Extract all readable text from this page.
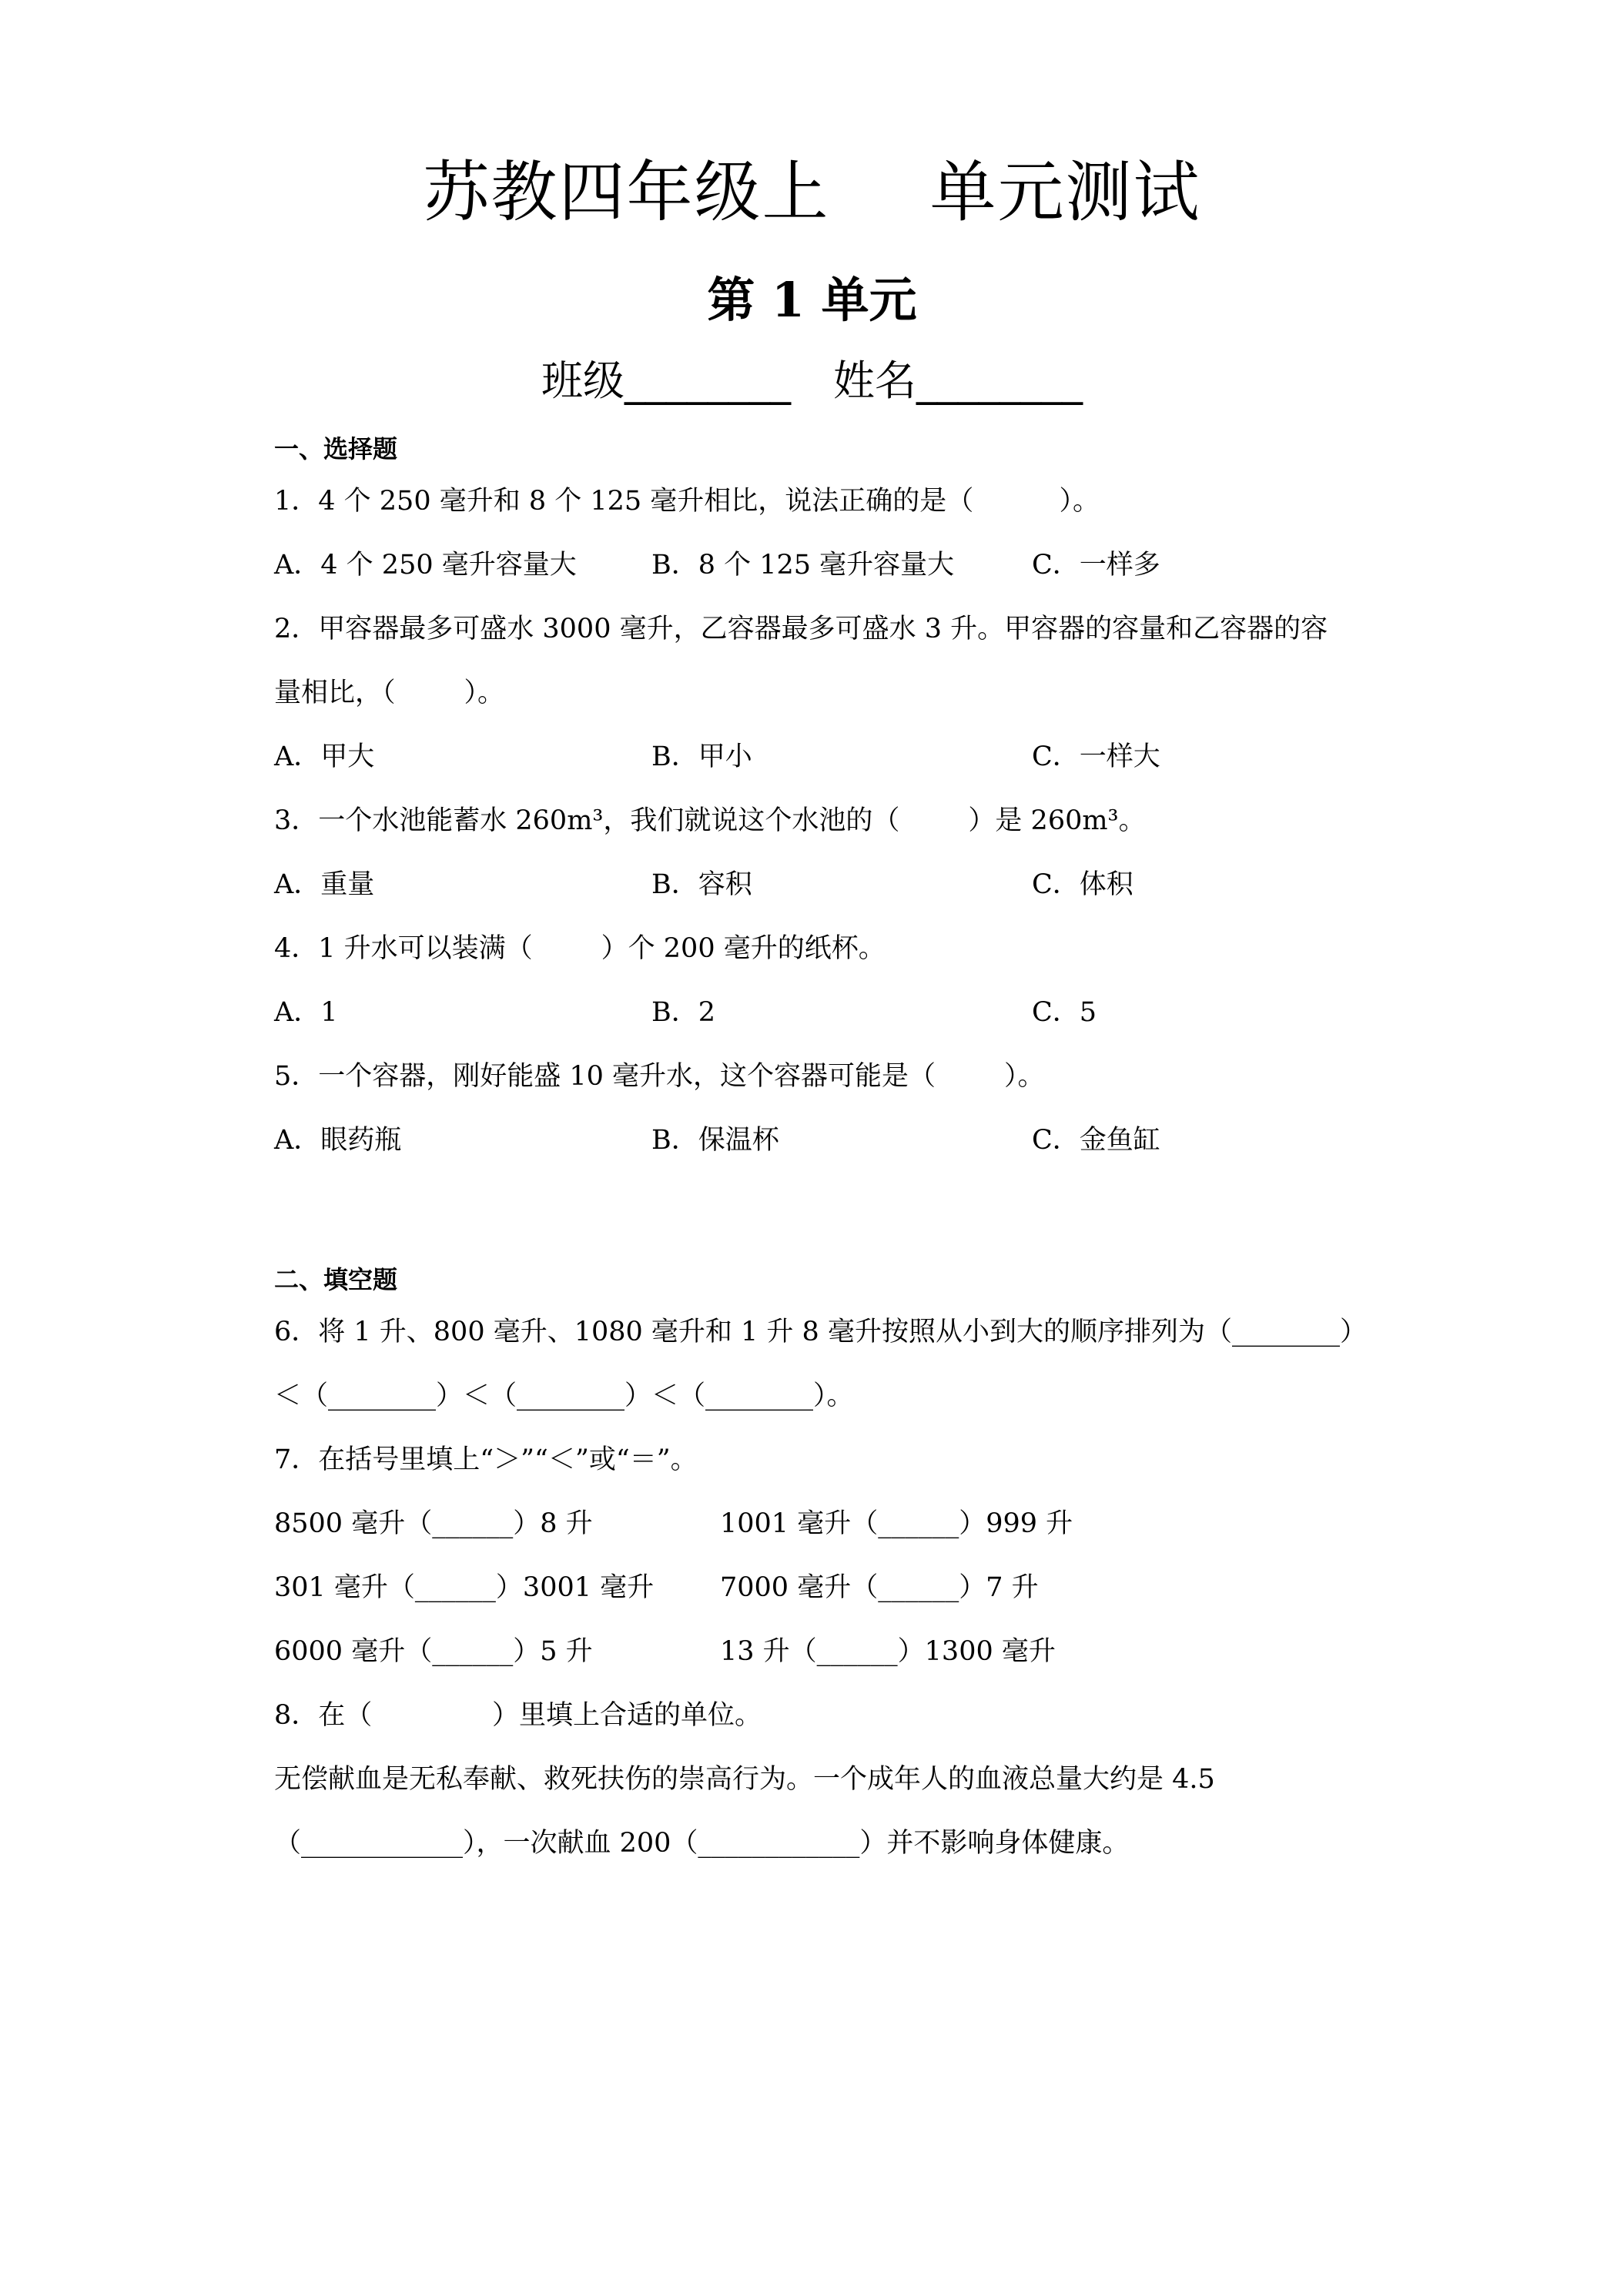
苏教四年级上 单元测试
第 1 单元
班级________ 姓名________
一、选择题
1．4 个 250 毫升和 8 个 125 毫升相比，说法正确的是（          ）。
A．4 个 250 毫升容量大	B．8 个 125 毫升容量大	C．一样多
2．甲容器最多可盛水 3000 毫升，乙容器最多可盛水 3 升。甲容器的容量和乙容器的容
量相比，（        ）。
A．甲大	B．甲小	C．一样大
3．一个水池能蓄水 260m³，我们就说这个水池的（        ）是 260m³。
A．重量	B．容积	C．体积
4．1 升水可以装满（        ）个 200 毫升的纸杯。
A．1	B．2	C．5
5．一个容器，刚好能盛 10 毫升水，这个容器可能是（        ）。
A．眼药瓶	B．保温杯	C．金鱼缸
二、填空题
6．将 1 升、800 毫升、1080 毫升和 1 升 8 毫升按照从小到大的顺序排列为（________）
＜（________）＜（________）＜（________）。
7．在括号里填上“＞”“＜”或“＝”。
8500 毫升（______）8 升	1001 毫升（______）999 升
301 毫升（______）3001 毫升 7000 毫升（______）7 升
6000 毫升（______）5 升	13 升（______）1300 毫升
8．在（              ）里填上合适的单位。
无偿献血是无私奉献、救死扶伤的崇高行为。一个成年人的血液总量大约是 4.5
（____________），一次献血 200（____________）并不影响身体健康。
